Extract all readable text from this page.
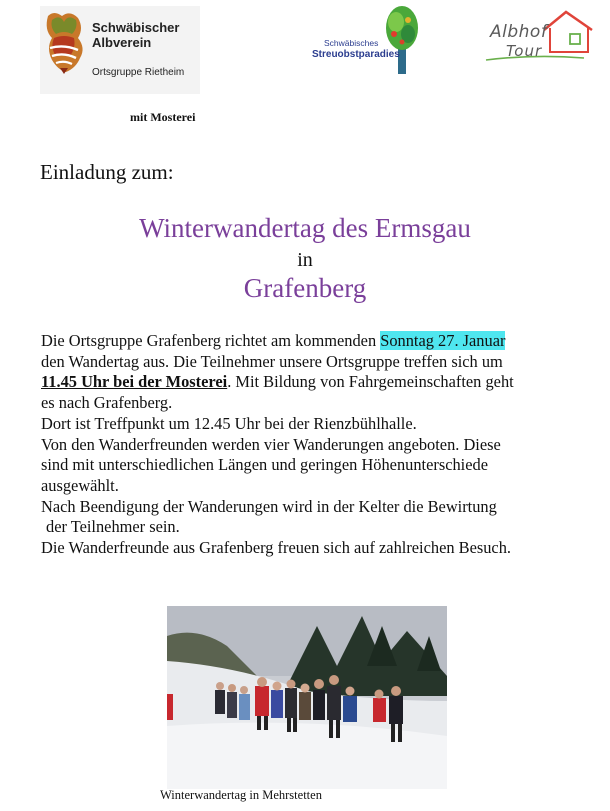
Schwäbischer
Albverein
Ortsgruppe Rietheim
Schwäbisches
Streuobstparadies
Albhof
Tour
mit Mosterei
Einladung zum:
Winterwandertag des Ermsgau
in
Grafenberg
Die Ortsgruppe Grafenberg richtet am kommenden Sonntag 27. Januar
den Wandertag aus. Die Teilnehmer unsere Ortsgruppe treffen sich um
11.45 Uhr bei der Mosterei. Mit Bildung von Fahrgemeinschaften geht
es nach Grafenberg.
Dort ist Treffpunkt um 12.45 Uhr bei der Rienzbühlhalle.
Von den Wanderfreunden werden vier Wanderungen angeboten. Diese
sind mit unterschiedlichen Längen und geringen Höhenunterschiede
ausgewählt.
Nach Beendigung der Wanderungen wird in der Kelter die Bewirtung
der Teilnehmer sein.
Die Wanderfreunde aus Grafenberg freuen sich auf zahlreichen Besuch.
Winterwandertag in Mehrstetten
